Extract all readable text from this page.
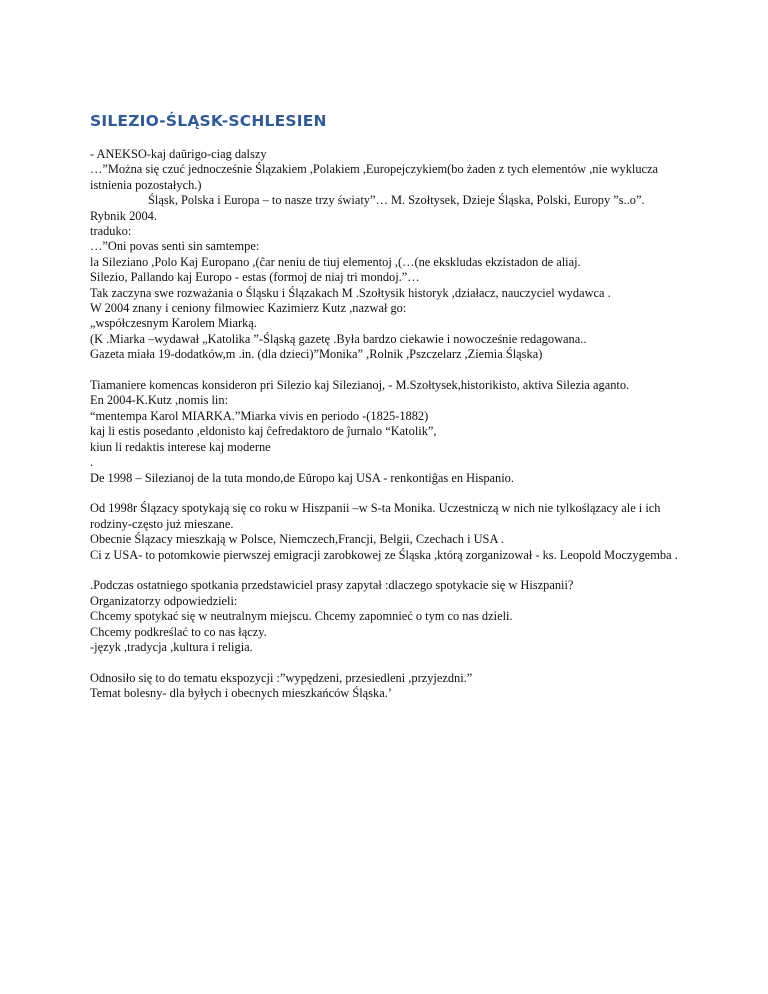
SILEZIO-ŚLĄSK-SCHLESIEN
- ANEKSO-kaj daŭrigo-ciag dalszy
…”Można się czuć jednocześnie Ślązakiem ,Polakiem ,Europejczykiem(bo żaden z tych elementów ,nie wyklucza istnienia pozostałych.)
Śląsk, Polska i Europa – to nasze trzy światy”… M. Szołtysek, Dzieje Śląska, Polski, Europy ”s..o”.
Rybnik 2004.
traduko:
…”Oni povas senti sin samtempe:
la Sileziano ,Polo Kaj Europano ,(ĉar neniu de tiuj elementoj ,(…(ne ekskludas ekzistadon de aliaj.
Silezio, Pallando kaj Europo - estas (formoj de niaj tri mondoj.”…
Tak zaczyna swe rozważania o Śląsku i Ślązakach M .Szołtysik historyk ,działacz, nauczyciel wydawca .
W 2004 znany i ceniony filmowiec Kazimierz Kutz ,nazwał go:
„współczesnym Karolem Miarką.
(K .Miarka –wydawał „Katolika ”-Śląską gazetę .Była bardzo ciekawie i nowocześnie redagowana..
Gazeta miała 19-dodatków,m .in. (dla dzieci)”Monika” ,Rolnik ,Pszczelarz ,Ziemia Śląska)
Tiamaniere komencas konsideron pri Silezio kaj Silezianoj, - M.Szołtysek,historikisto, aktiva Silezia aganto.
En 2004-K.Kutz ,nomis lin:
“mentempa Karol MIARKA.”Miarka vivis en periodo -(1825-1882)
kaj li estis posedanto ,eldonisto kaj ĉefredaktoro de ĵurnalo “Katolik”,
kiun li redaktis interese kaj moderne
.
De 1998 – Silezianoj de la tuta mondo,de Eŭropo kaj USA - renkontiĝas en Hispanio.
Od 1998r Ślązacy spotykają się co roku w Hiszpanii –w S-ta Monika. Uczestniczą w nich nie tylkoślązacy ale i ich rodziny-często już mieszane.
Obecnie Ślązacy mieszkają w Polsce, Niemczech,Francji, Belgii, Czechach i USA .
Ci z USA- to potomkowie pierwszej emigracji zarobkowej ze Śląska ,którą zorganizował - ks. Leopold Moczygemba .
.Podczas ostatniego spotkania przedstawiciel prasy zapytał :dlaczego spotykacie się w Hiszpanii?
Organizatorzy odpowiedzieli:
Chcemy spotykać się w neutralnym miejscu. Chcemy zapomnieć o tym co nas dzieli.
Chcemy podkreślać to co nas łączy.
-język ,tradycja ,kultura i religia.
Odnosiło się to do tematu ekspozycji :”wypędzeni, przesiedleni ,przyjezdni.”
Temat bolesny- dla byłych i obecnych mieszkańców Śląska.’
